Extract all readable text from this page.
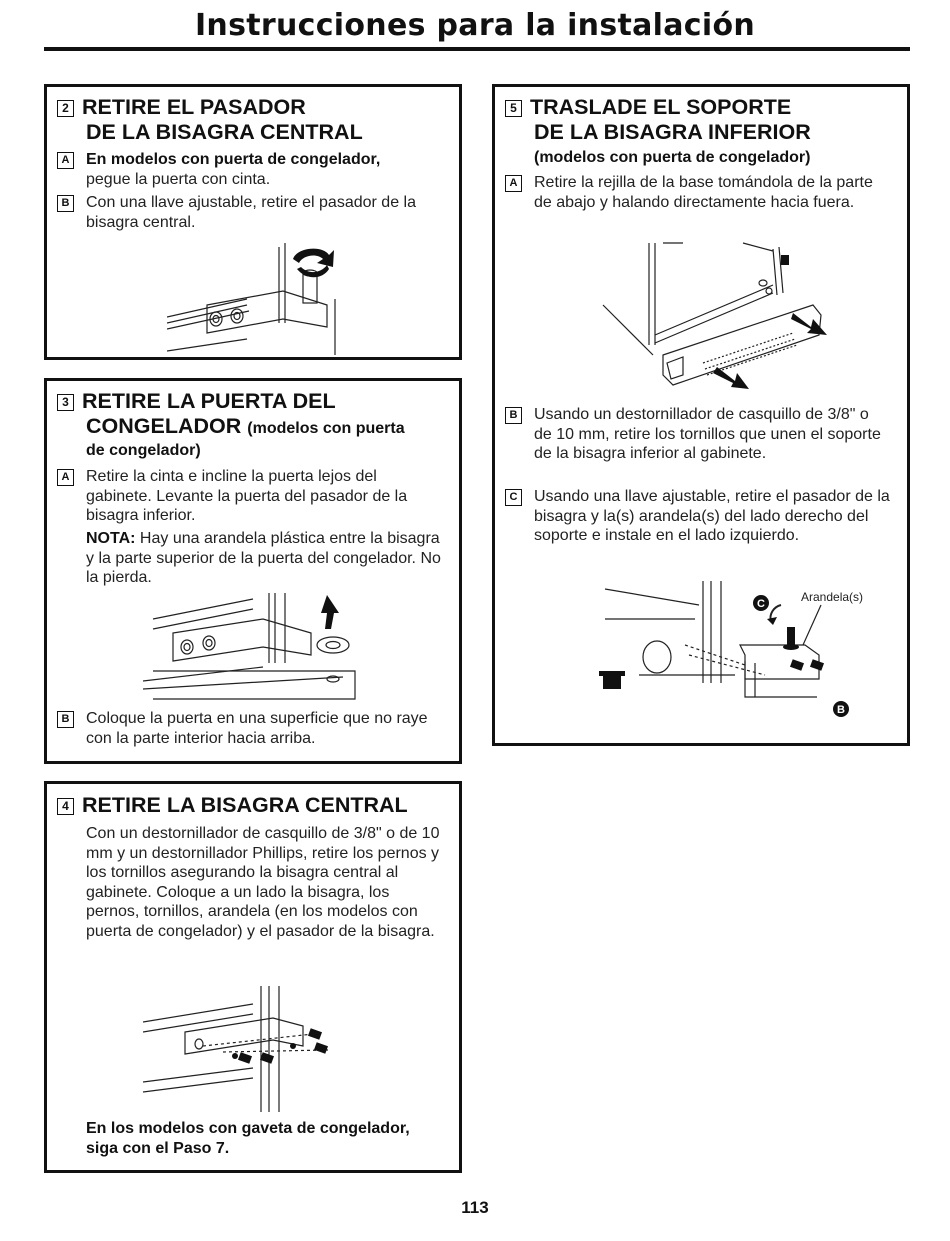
Instrucciones para la instalación
2 RETIRE EL PASADOR
DE LA BISAGRA CENTRAL
A En modelos con puerta de congelador,
pegue la puerta con cinta.
B Con una llave ajustable, retire el pasador de la bisagra central.
3 RETIRE LA PUERTA DEL
CONGELADOR (modelos con puerta
de congelador)
A Retire la cinta e incline la puerta lejos del gabinete. Levante la puerta del pasador de la bisagra inferior.
NOTA: Hay una arandela plástica entre la bisagra y la parte superior de la puerta del congelador. No la pierda.
B Coloque la puerta en una superficie que no raye con la parte interior hacia arriba.
4 RETIRE LA BISAGRA CENTRAL
Con un destornillador de casquillo de 3/8" o de 10 mm y un destornillador Phillips, retire los pernos y los tornillos asegurando la bisagra central al gabinete. Coloque a un lado la bisagra, los pernos, tornillos, arandela (en los modelos con puerta de congelador) y el pasador de la bisagra.
En los modelos con gaveta de congelador, siga con el Paso 7.
5 TRASLADE EL SOPORTE
DE LA BISAGRA INFERIOR
(modelos con puerta de congelador)
A Retire la rejilla de la base tomándola de la parte de abajo y halando directamente hacia fuera.
B Usando un destornillador de casquillo de 3/8" o de 10 mm, retire los tornillos que unen el soporte de la bisagra inferior al gabinete.
C Usando una llave ajustable, retire el pasador de la bisagra y la(s) arandela(s) del lado derecho del soporte e instale en el lado izquierdo.
C
B
Arandela(s)
113
